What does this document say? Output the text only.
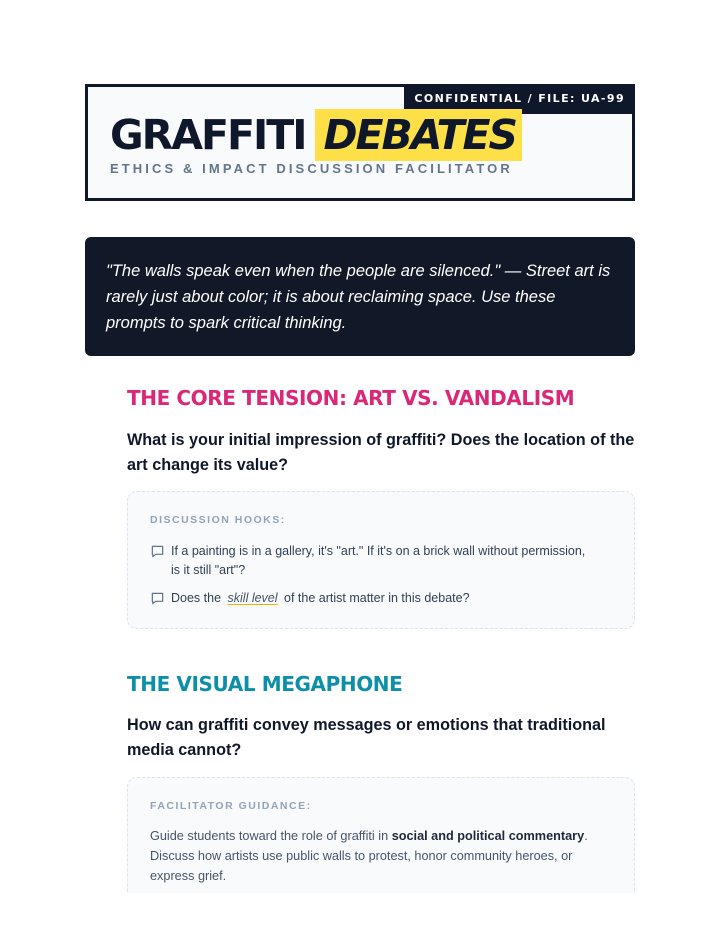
CONFIDENTIAL / FILE: UA-99
GRAFFITI DEBATES
ETHICS & IMPACT DISCUSSION FACILITATOR
"The walls speak even when the people are silenced." — Street art is rarely just about color; it is about reclaiming space. Use these prompts to spark critical thinking.
THE CORE TENSION: ART VS. VANDALISM
What is your initial impression of graffiti? Does the location of the art change its value?
DISCUSSION HOOKS:
If a painting is in a gallery, it's "art." If it's on a brick wall without permission, is it still "art"?
Does the skill level of the artist matter in this debate?
THE VISUAL MEGAPHONE
How can graffiti convey messages or emotions that traditional media cannot?
FACILITATOR GUIDANCE:
Guide students toward the role of graffiti in social and political commentary. Discuss how artists use public walls to protest, honor community heroes, or express grief.
